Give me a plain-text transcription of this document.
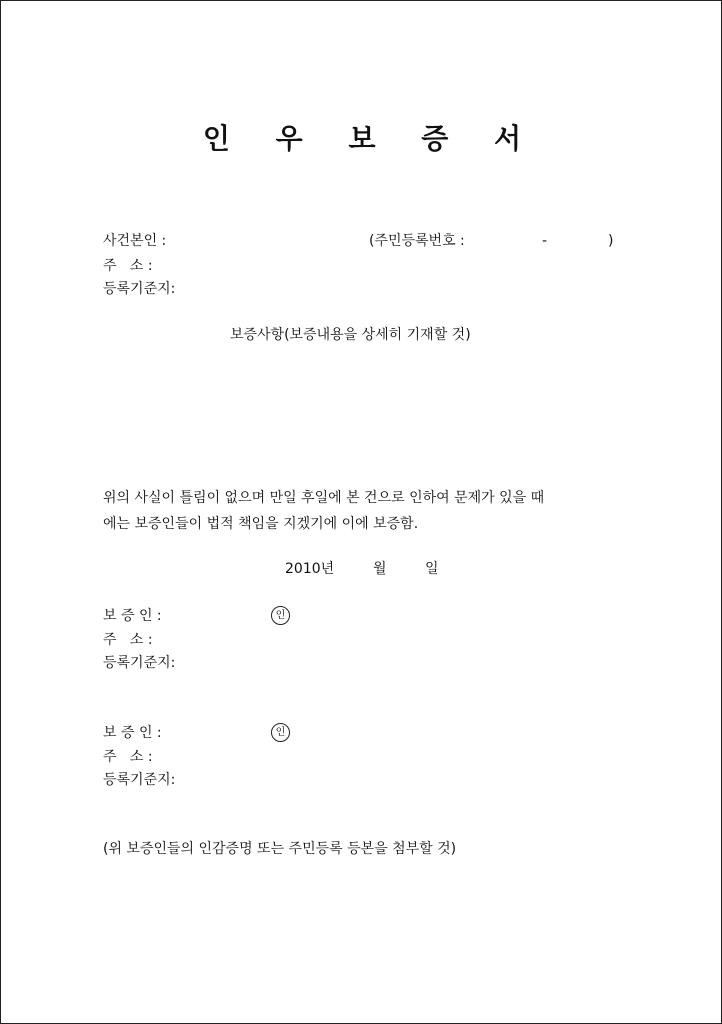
인 우 보 증 서
사건본인 :	(주민등록번호 :	-	)
주   소 :
등록기준지:
보증사항(보증내용을 상세히 기재할 것)
위의 사실이 틀림이 없으며 만일 후일에 본 건으로 인하여 문제가 있을 때
에는 보증인들이 법적 책임을 지겠기에 이에 보증함.
2010년	월	일
보 증 인 :	인
주   소 :
등록기준지:
보 증 인 :	인
주   소 :
등록기준지:
(위 보증인들의 인감증명 또는 주민등록 등본을 첨부할 것)
